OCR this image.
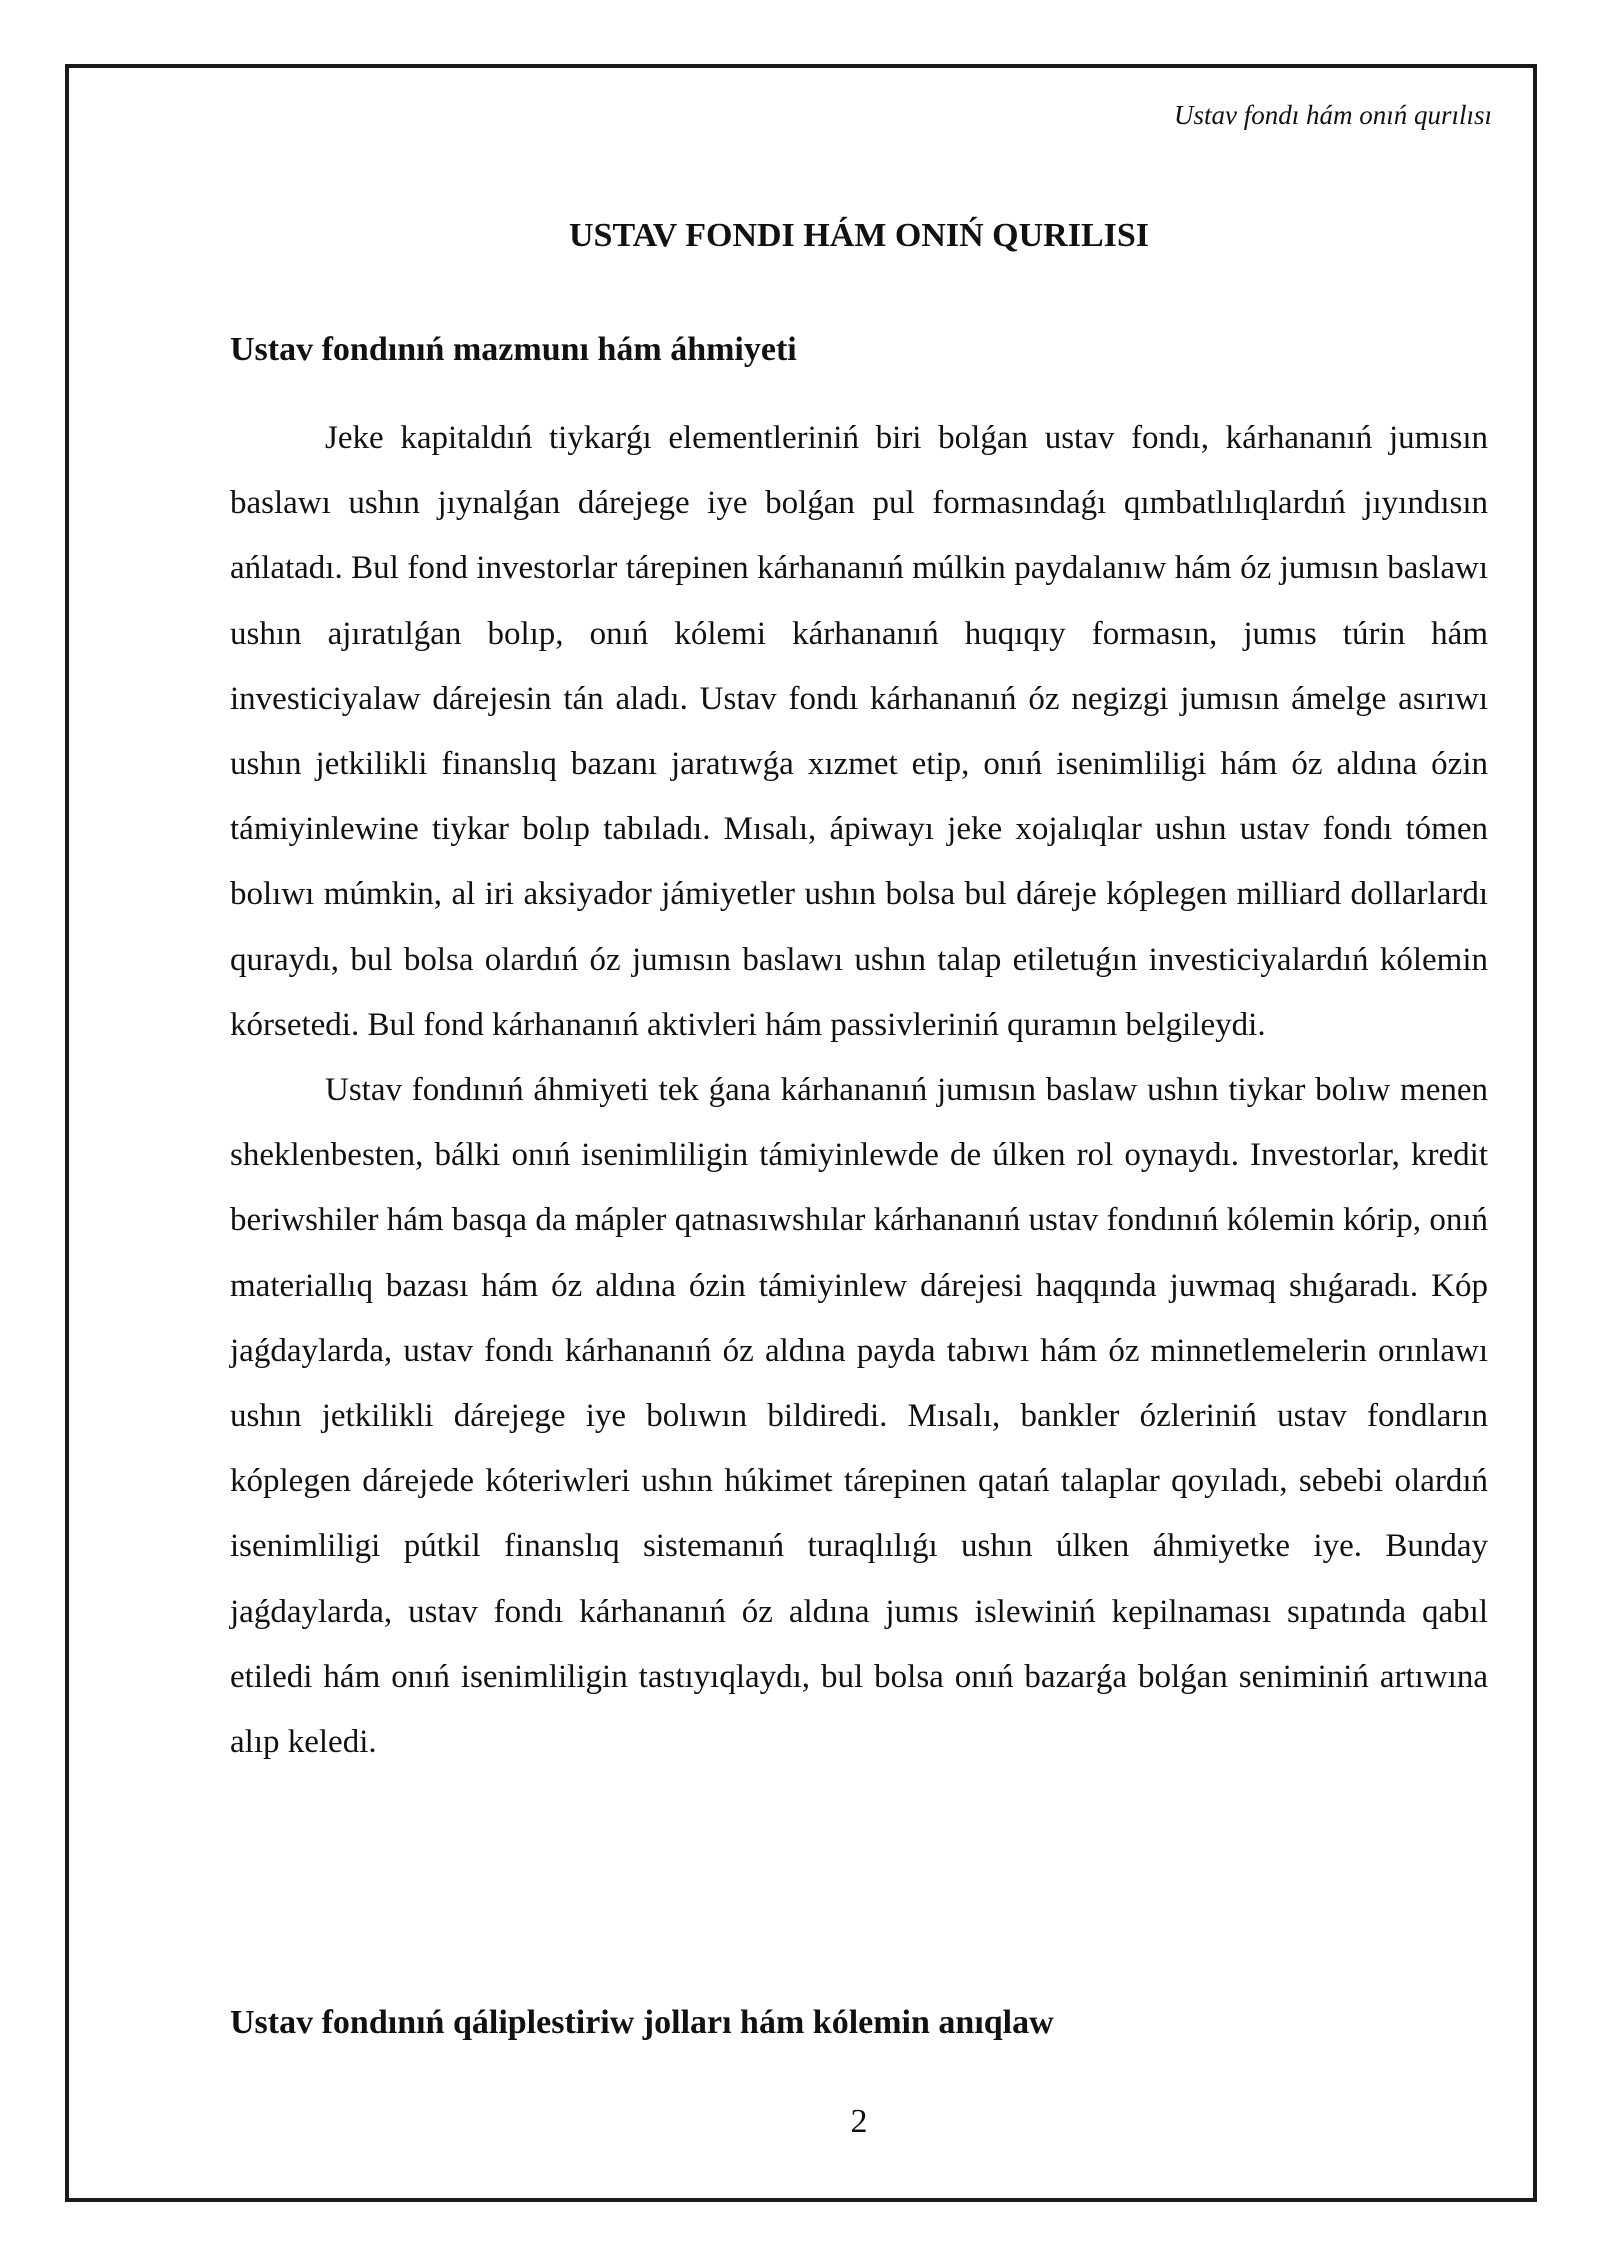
Ustav fondı hám onıń qurılısı
USTAV FONDI HÁM ONIŃ QURILISI
Ustav fondınıń mazmunı hám áhmiyeti

Jeke kapitaldıń tiykarǵı elementleriniń biri bolǵan ustav fondı, kárhananıń jumısın baslawı ushın jıynalǵan dárejege iye bolǵan pul formasındaǵı qımbatlılıqlardıń jıyındısın ańlatadı. Bul fond investorlar tárepinen kárhananıń múlkin paydalanıw hám óz jumısın baslawı ushın ajıratılǵan bolıp, onıń kólemi kárhananıń huqıqıy formasın, jumıs túrin hám investiciyalaw dárejesin tán aladı. Ustav fondı kárhananıń óz negizgi jumısın ámelge asırıwı ushın jetkilikli finanslıq bazanı jaratıwǵa xızmet etip, onıń isenimliligi hám óz aldına ózin támiyinlewine tiykar bolıp tabıladı. Mısalı, ápiwayı jeke xojalıqlar ushın ustav fondı tómen bolıwı múmkin, al iri aksiyador jámiyetler ushın bolsa bul dáreje kóplegen milliard dollarlardı quraydı, bul bolsa olardıń óz jumısın baslawı ushın talap etiletuǵın investiciyalardıń kólemin kórsetedi. Bul fond kárhananıń aktivleri hám passivleriniń quramın belgileydi.

Ustav fondınıń áhmiyeti tek ǵana kárhananıń jumısın baslaw ushın tiykar bolıw menen sheklenbesten, bálki onıń isenimliligin támiyinlewde de úlken rol oynaydı. Investorlar, kredit beriwshiler hám basqa da mápler qatnasıwshılar kárhananıń ustav fondınıń kólemin kórip, onıń materiallıq bazası hám óz aldına ózin támiyinlew dárejesi haqqında juwmaq shıǵaradı. Kóp jaǵdaylarda, ustav fondı kárhananıń óz aldına payda tabıwı hám óz minnetlemelerin orınlawı ushın jetkilikli dárejege iye bolıwın bildiredi. Mısalı, bankler ózleriniń ustav fondların kóplegen dárejede kóteriwleri ushın húkimet tárepinen qatań talaplar qoyıladı, sebebi olardıń isenimliligi pútkil finanslıq sistemanıń turaqlılıǵı ushın úlken áhmiyetke iye. Bunday jaǵdaylarda, ustav fondı kárhananıń óz aldına jumıs islewiniń kepilnaması sıpatında qabıl etiledi hám onıń isenimliligin tastıyıqlaydı, bul bolsa onıń bazarǵa bolǵan seniminiń artıwına alıp keledi.

Ustav fondınıń qáliplestiriw jolları hám kólemin anıqlaw
2
